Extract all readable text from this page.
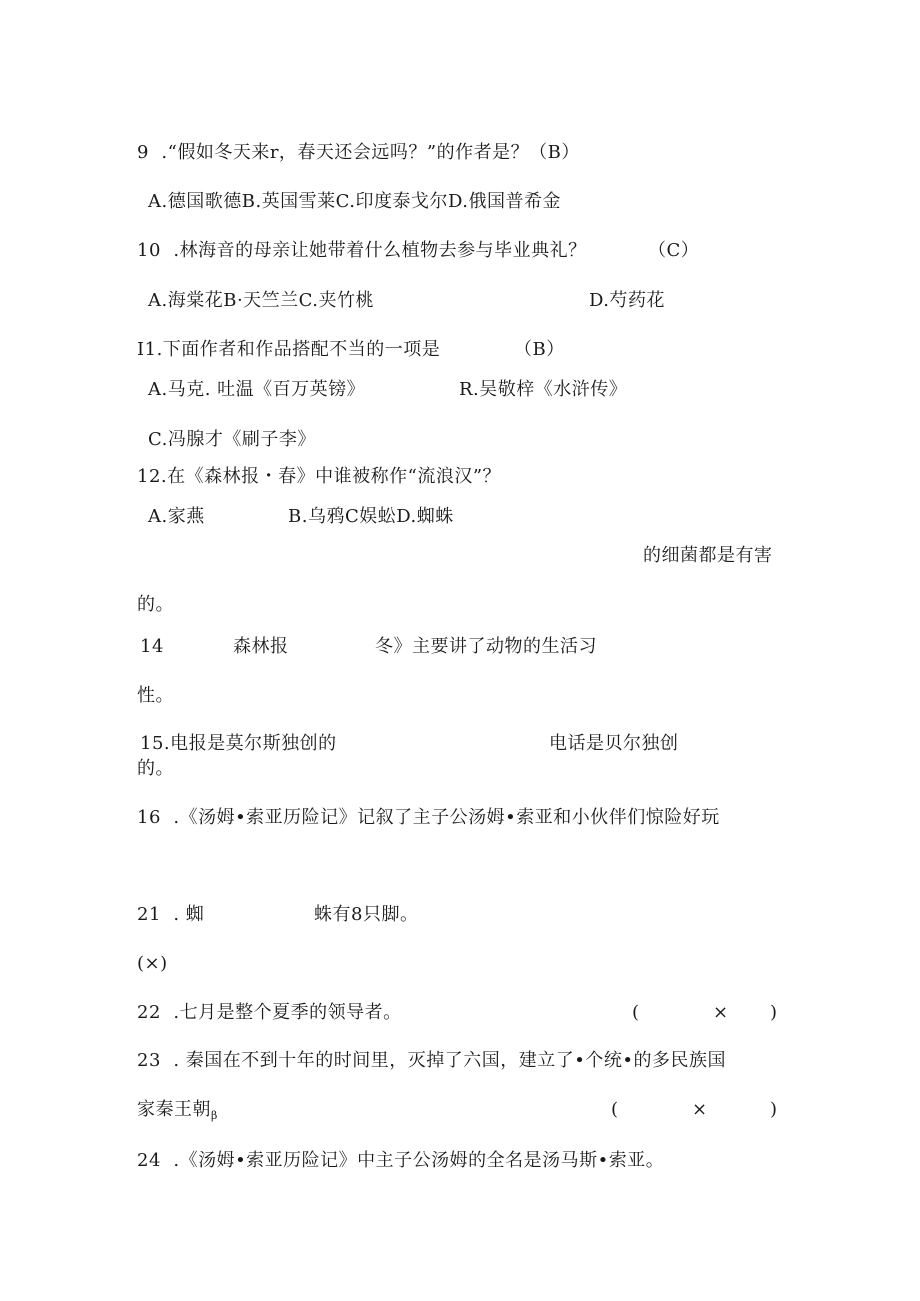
9  .“假如冬天来r，春天还会远吗？”的作者是？（B）
A.德国歌德B.英国雪莱C.印度泰戈尔D.俄国普希金
10  .林海音的母亲让她带着什么植物去参与毕业典礼？	（C）
A.海棠花B·天竺兰C.夹竹桃	D.芍药花
I1.下面作者和作品搭配不当的一项是	（B）
A.马克. 吐温《百万英镑》	R.吴敬梓《水浒传》
C.冯腺才《刷子李》
12.在《森林报・春》中谁被称作“流浪汉”？
A.家燕	B.乌鸦C娱蚣D.蜘蛛
的细菌都是有害
的。
14	森林报	冬》主要讲了动物的生活习
性。
15.电报是莫尔斯独创的	电话是贝尔独创
的。
16  .《汤姆•索亚历险记》记叙了主子公汤姆•索亚和小伙伴们惊险好玩
21  . 蜘	蛛有8只脚。
(×)
22  .七月是整个夏季的领导者。	(	× )
23  . 秦国在不到十年的时间里，灭掉了六国，建立了•个统•的多民族国
家秦王朝$_\beta$	(	×	)
24  .《汤姆•索亚历险记》中主子公汤姆的全名是汤马斯•索亚。
